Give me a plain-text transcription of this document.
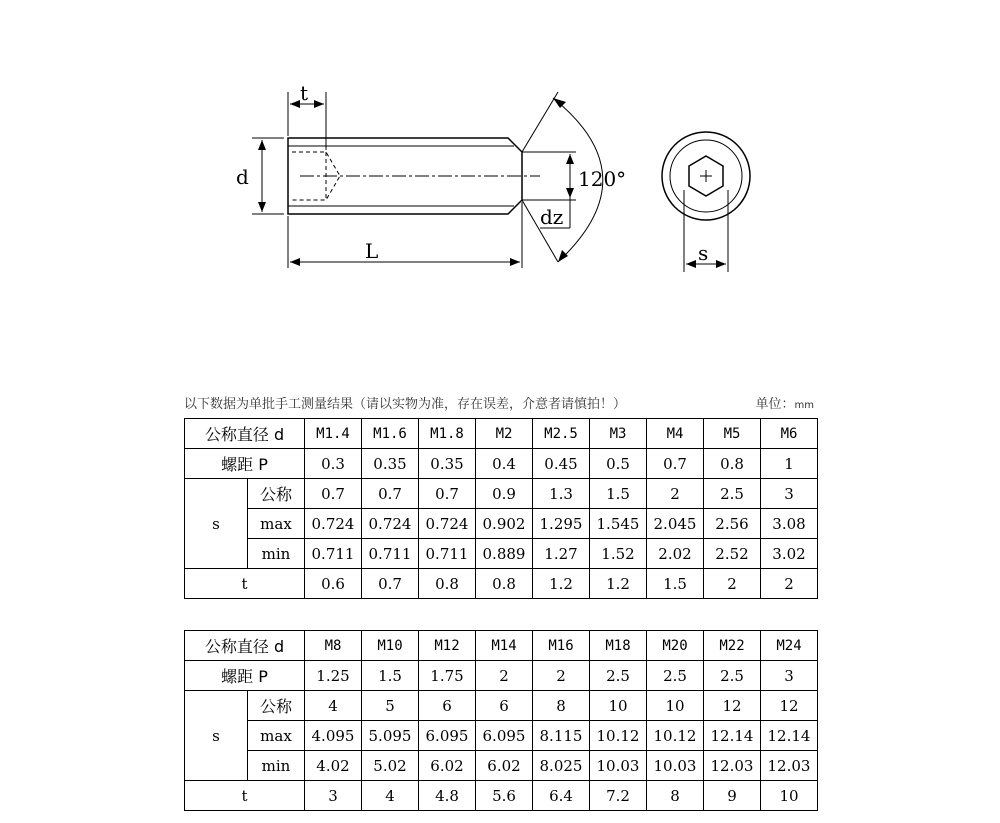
t
d
L
dz
120°
s
以下数据为单批手工测量结果（请以实物为准，存在误差，介意者请慎拍！）	单位：mm
公称直径 d		M1.4	M1.6	M1.8	M2	M2.5	M3	M4	M5	M6
螺距 P		0.3	0.35	0.35	0.4	0.45	0.5	0.7	0.8	1
s	公称	0.7	0.7	0.7	0.9	1.3	1.5	2	2.5	3
	max	0.724	0.724	0.724	0.902	1.295	1.545	2.045	2.56	3.08
	min	0.711	0.711	0.711	0.889	1.27	1.52	2.02	2.52	3.02
t		0.6	0.7	0.8	0.8	1.2	1.2	1.5	2	2
公称直径 d		M8	M10	M12	M14	M16	M18	M20	M22	M24
螺距 P		1.25	1.5	1.75	2	2	2.5	2.5	2.5	3
s	公称	4	5	6	6	8	10	10	12	12
	max	4.095	5.095	6.095	6.095	8.115	10.12	10.12	12.14	12.14
	min	4.02	5.02	6.02	6.02	8.025	10.03	10.03	12.03	12.03
t		3	4	4.8	5.6	6.4	7.2	8	9	10
